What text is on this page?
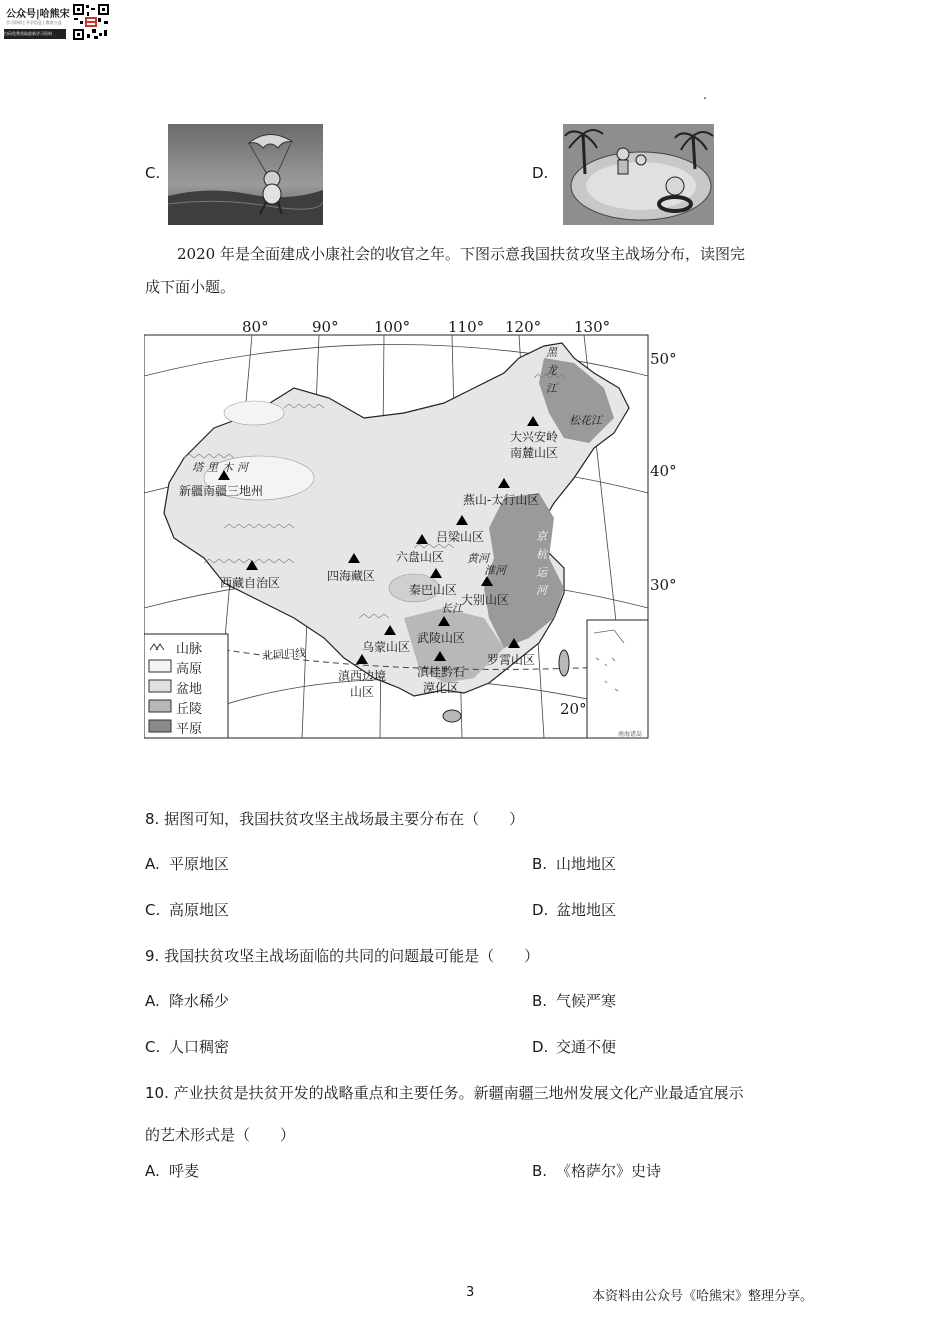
公众号|哈熊宋
学习资料 | 升学信息 | 教育公益
扫码免费获取最新学习资料
.
C.	D.
2020 年是全面建成小康社会的收官之年。下图示意我国扶贫攻坚主战场分布，读图完
成下面小题。
80°	90° 100°	110° 120° 130°
50°
40°
30°
20°
北回归线
南海诸岛
大兴安岭南麓山区
新疆南疆三地州
燕山-太行山区
吕梁山区
六盘山区
四海藏区
西藏自治区	秦巴山区
大别山区
武陵山区
乌蒙山区
罗霄山区
滇西边境山区
滇桂黔石漠化区
塔里木河
黑龙江
松花江
京杭运河
黄河
淮河
长江
山脉
高原
盆地
丘陵
平原
8. 据图可知，我国扶贫攻坚主战场最主要分布在（　　）
A. 平原地区	B. 山地地区
C. 高原地区	D. 盆地地区
9. 我国扶贫攻坚主战场面临的共同的问题最可能是（　　）
A. 降水稀少	B. 气候严寒
C. 人口稠密	D. 交通不便
10. 产业扶贫是扶贫开发的战略重点和主要任务。新疆南疆三地州发展文化产业最适宜展示
的艺术形式是（　　）
A. 呼麦	B. 《格萨尔》史诗
3	本资料由公众号《哈熊宋》整理分享。
